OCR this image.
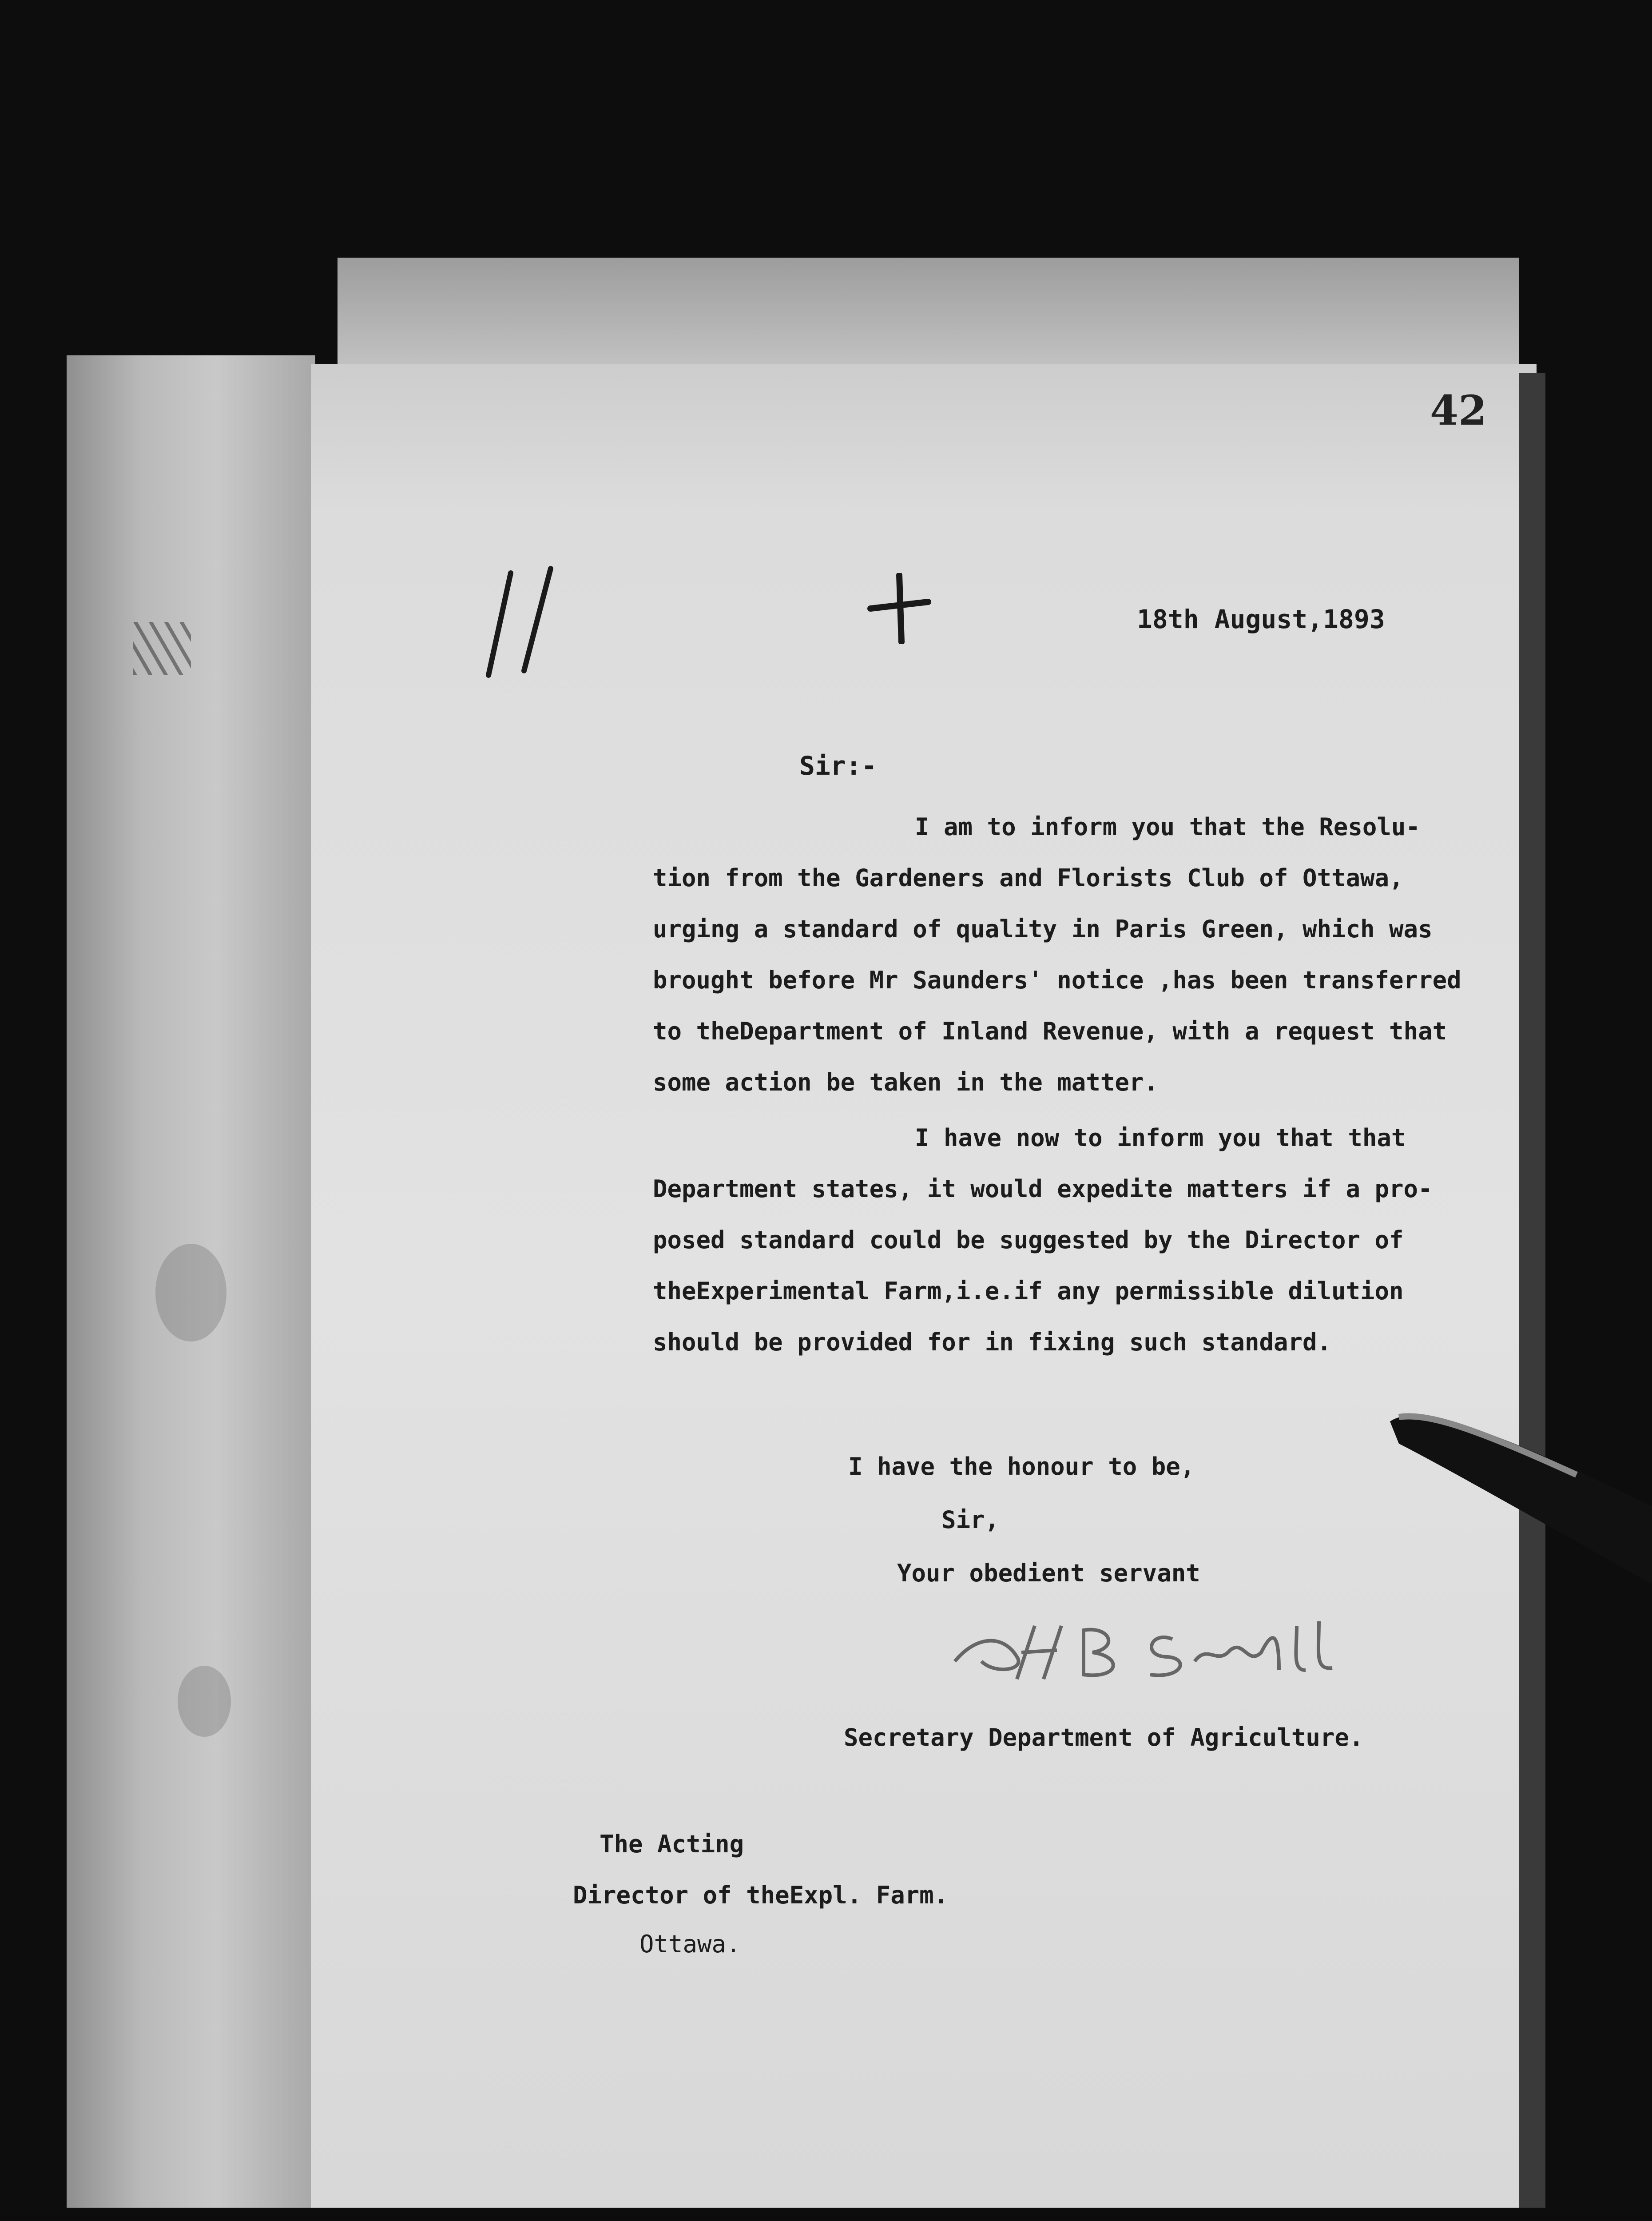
42
18th August,1893
Sir:-
I am to inform you that the Resolu-
tion from the Gardeners and Florists Club of Ottawa,
urging a standard of quality in Paris Green, which was
brought before Mr Saunders' notice ,has been transferred
to theDepartment of Inland Revenue, with a request that
some action be taken in the matter.
I have now to inform you that that
Department states, it would expedite matters if a pro-
posed standard could be suggested by the Director of
theExperimental Farm,i.e.if any permissible dilution
should be provided for in fixing such standard.
I have the honour to be,
Sir,
Your obedient servant
H.B. Small
Secretary Department of Agriculture.
The Acting
Director of theExpl. Farm.
Ottawa.
